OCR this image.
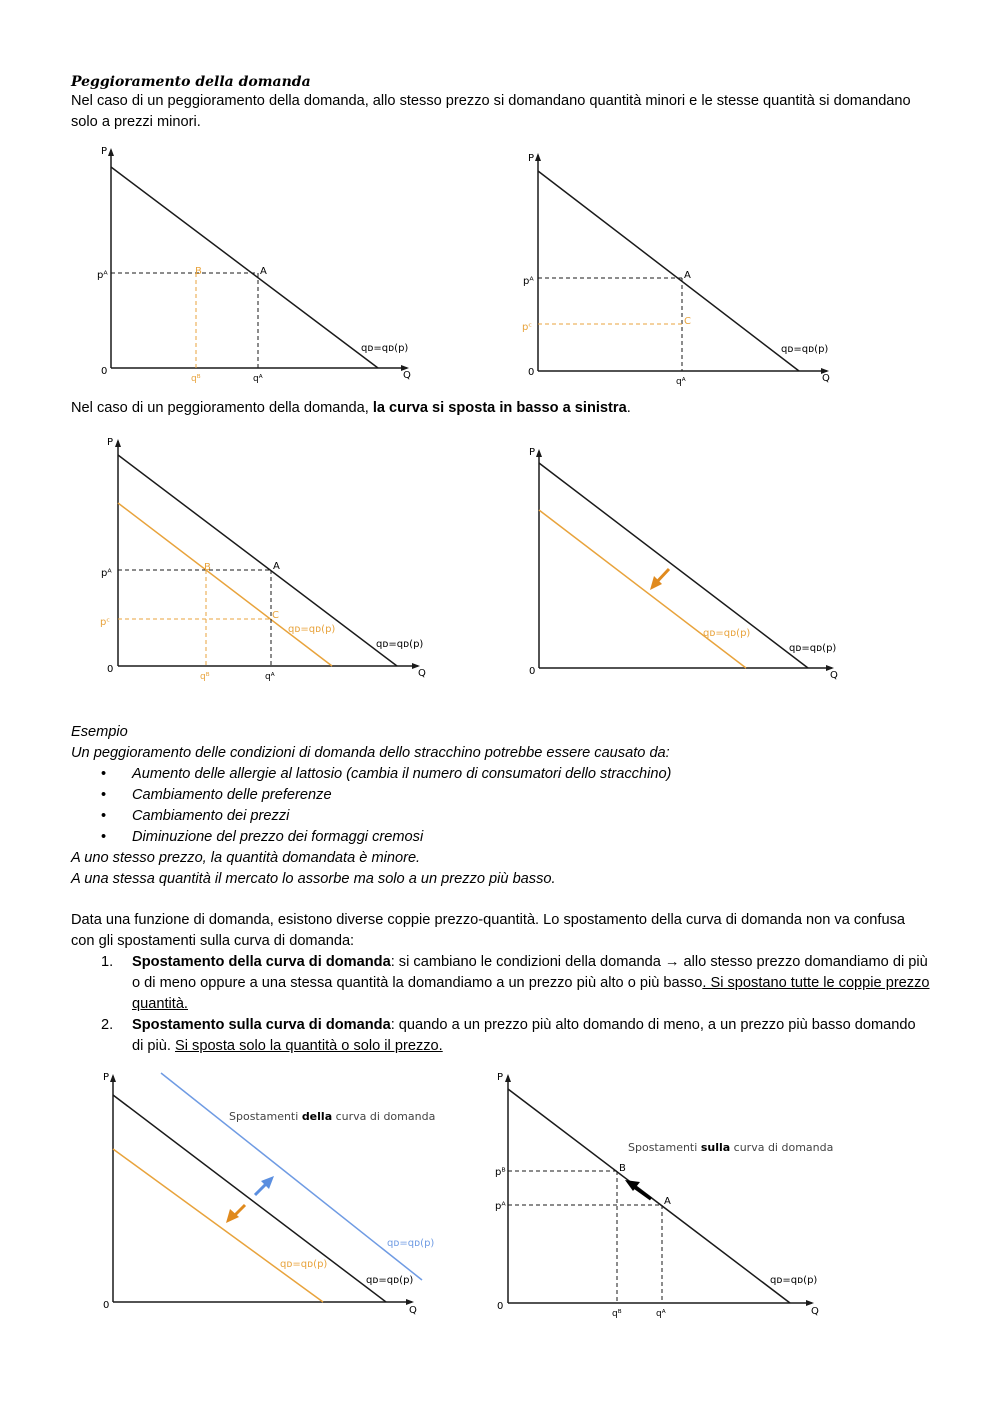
Peggioramento della domanda
Nel caso di un peggioramento della domanda, allo stesso prezzo si domandano quantità minori e le stesse quantità si domandano solo a prezzi minori.
P
Q
0
pᴬ	A
B
qᴮ	qᴬ
qᴅ=qᴅ(p)
P
Q
0
pᴬ
pᶜ
A
C
qᴬ
qᴅ=qᴅ(p)
Nel caso di un peggioramento della domanda, la curva si sposta in basso a sinistra.
P
Q
0
pᴬ
pᶜ
A
B
C
qᴮ	qᴬ
qᴅ=qᴅ(p)
qᴅ=qᴅ(p)
P
Q
0
qᴅ=qᴅ(p)
qᴅ=qᴅ(p)
Esempio
Un peggioramento delle condizioni di domanda dello stracchino potrebbe essere causato da:
• Aumento delle allergie al lattosio (cambia il numero di consumatori dello stracchino)
• Cambiamento delle preferenze
• Cambiamento dei prezzi
• Diminuzione del prezzo dei formaggi cremosi
A uno stesso prezzo, la quantità domandata è minore.
A una stessa quantità il mercato lo assorbe ma solo a un prezzo più basso.
Data una funzione di domanda, esistono diverse coppie prezzo-quantità. Lo spostamento della curva di domanda non va confusa con gli spostamenti sulla curva di domanda:
1. Spostamento della curva di domanda: si cambiano le condizioni della domanda → allo stesso prezzo domandiamo di più o di meno oppure a una stessa quantità la domandiamo a un prezzo più alto o più basso. Si spostano tutte le coppie prezzo quantità.
2. Spostamento sulla curva di domanda: quando a un prezzo più alto domando di meno, a un prezzo più basso domando di più. Si sposta solo la quantità o solo il prezzo.
Spostamenti della curva di domanda
P
Q
0
qᴅ=qᴅ(p)
qᴅ=qᴅ(p)
qᴅ=qᴅ(p)
Spostamenti sulla curva di domanda
P
Q
0
pᴮ
pᴬ
B
A
qᴮ	qᴬ
qᴅ=qᴅ(p)
